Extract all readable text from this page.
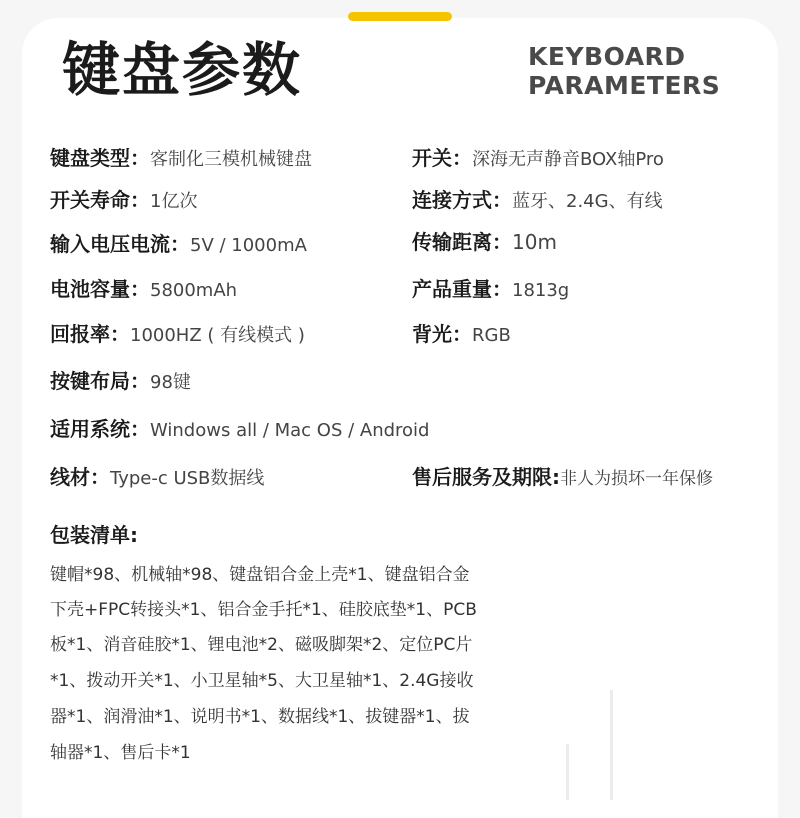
键盘参数	KEYBOARD
PARAMETERS
键盘类型：客制化三模机械键盘
开关寿命：1亿次
输入电压电流：5V / 1000mA
电池容量：5800mAh
回报率：1000HZ ( 有线模式 )
按键布局：98键
适用系统：Windows all / Mac OS / Android
线材：Type-c USB数据线
开关：深海无声静音BOX轴Pro
连接方式：蓝牙、2.4G、有线
传输距离：10m
产品重量：1813g
背光：RGB
售后服务及期限:非人为损坏一年保修
包装清单:
键帽*98、机械轴*98、键盘铝合金上壳*1、键盘铝合金
下壳+FPC转接头*1、铝合金手托*1、硅胶底垫*1、PCB
板*1、消音硅胶*1、锂电池*2、磁吸脚架*2、定位PC片
*1、拨动开关*1、小卫星轴*5、大卫星轴*1、2.4G接收
器*1、润滑油*1、说明书*1、数据线*1、拔键器*1、拔
轴器*1、售后卡*1
